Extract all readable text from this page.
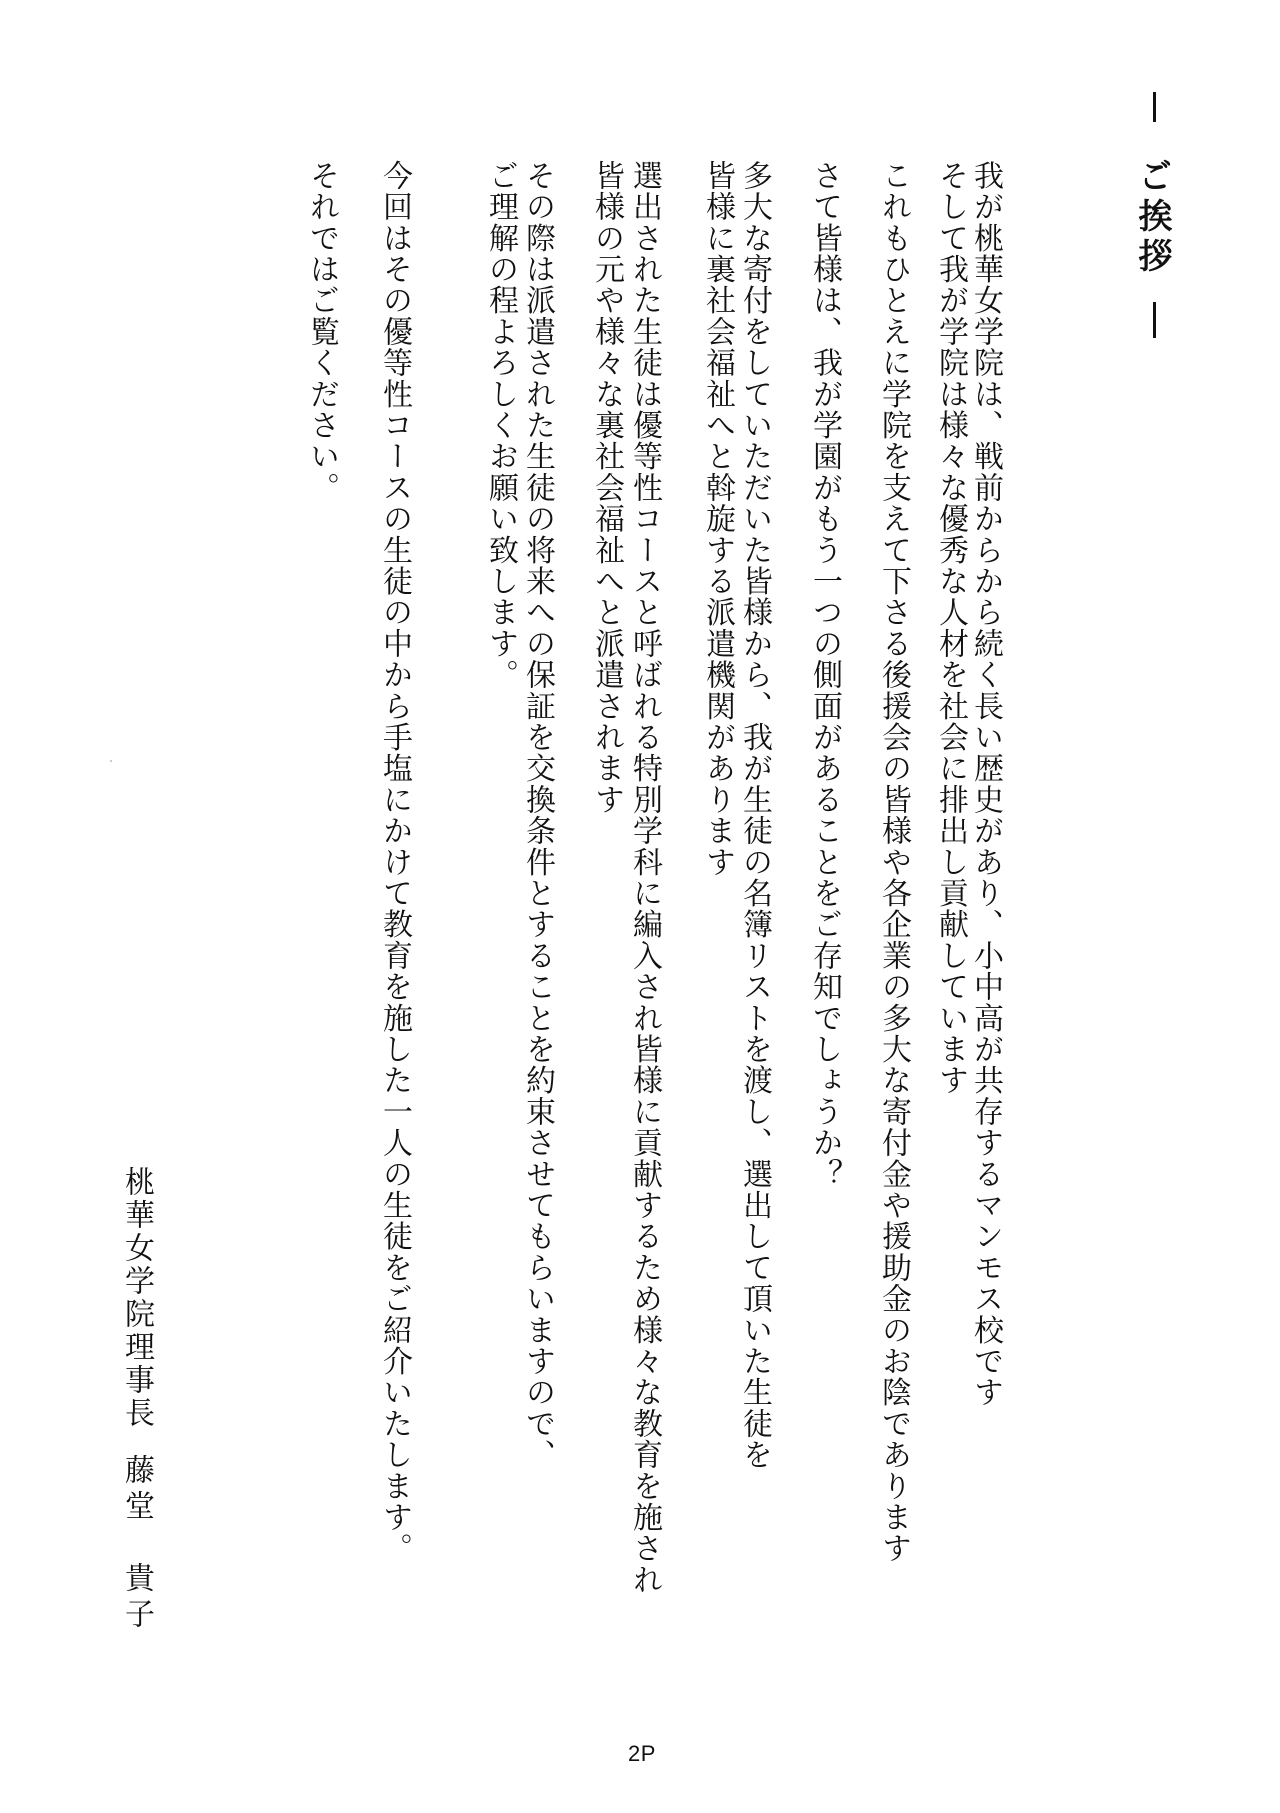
ご挨拶
我が桃華女学院は、戦前からから続く長い歴史があり、小中高が共存するマンモス校です
そして我が学院は様々な優秀な人材を社会に排出し貢献しています
これもひとえに学院を支えて下さる後援会の皆様や各企業の多大な寄付金や援助金のお陰であります
さて皆様は、我が学園がもう一つの側面があることをご存知でしょうか？
多大な寄付をしていただいた皆様から、我が生徒の名簿リストを渡し、選出して頂いた生徒を
皆様に裏社会福祉へと斡旋する派遣機関があります
選出された生徒は優等性コースと呼ばれる特別学科に編入され皆様に貢献するため様々な教育を施され
皆様の元や様々な裏社会福祉へと派遣されます
その際は派遣された生徒の将来への保証を交換条件とすることを約束させてもらいますので、
ご理解の程よろしくお願い致します。
今回はその優等性コースの生徒の中から手塩にかけて教育を施した一人の生徒をご紹介いたします。
それではご覧ください。
桃華女学院理事長
藤堂　貴子
2P
